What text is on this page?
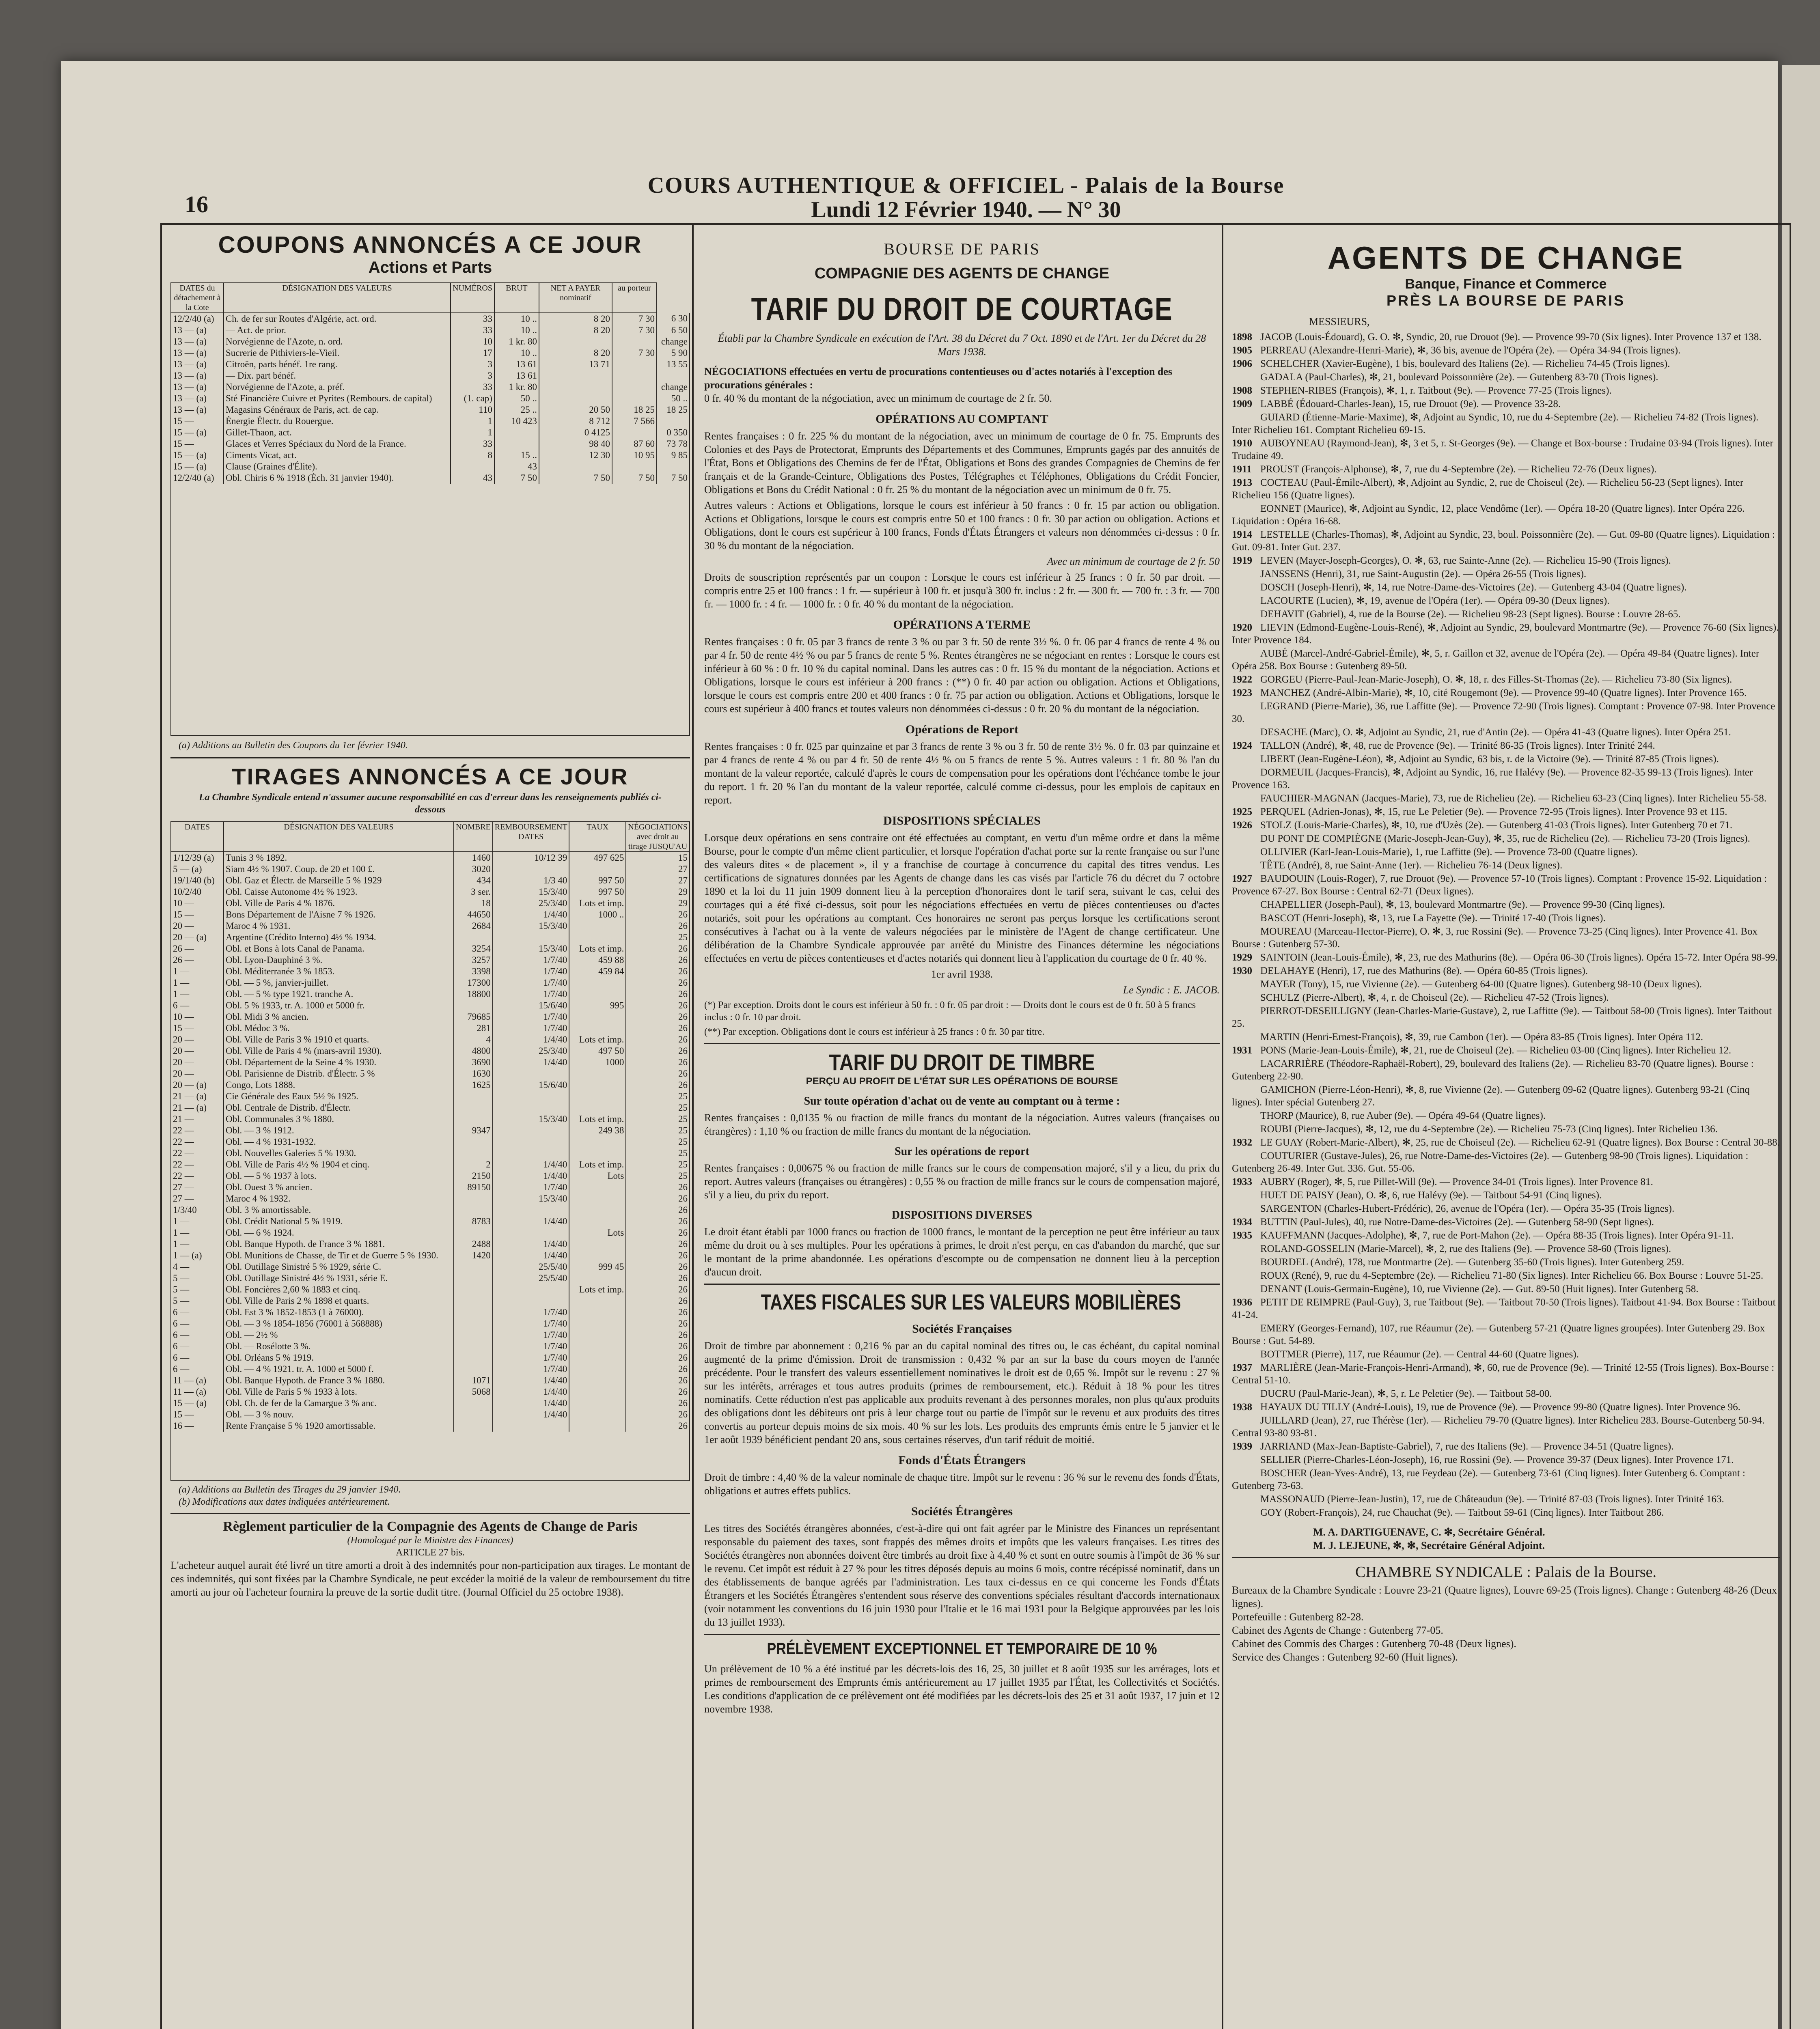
16
COURS AUTHENTIQUE & OFFICIEL - Palais de la Bourse
Lundi 12 Février 1940. — N° 30
COUPONS ANNONCÉS A CE JOUR
Actions et Parts
DATES du détachement à la Cote	DÉSIGNATION DES VALEURS	NUMÉROS	BRUT	NET A PAYER nominatif	au porteur	
12/2/40 (a)	Ch. de fer sur Routes d'Algérie, act. ord.	33	10 ..	8 20	7 30	6 30
13 — (a)	— Act. de prior.	33	10 ..	8 20	7 30	6 50
13 — (a)	Norvégienne de l'Azote, n. ord.	10	1 kr. 80			change
13 — (a)	Sucrerie de Pithiviers-le-Vieil.	17	10 ..	8 20	7 30	5 90
13 — (a)	Citroën, parts bénéf. 1re rang.	3	13 61	13 71		13 55
13 — (a)	— Dix. part bénéf.	3	13 61			
13 — (a)	Norvégienne de l'Azote, a. préf.	33	1 kr. 80			change
13 — (a)	Sté Financière Cuivre et Pyrites (Rembours. de capital)	(1. cap)	50 ..			50 ..
13 — (a)	Magasins Généraux de Paris, act. de cap.	110	25 ..	20 50	18 25	18 25
15 —	Énergie Électr. du Rouergue.	1	10 423	8 712	7 566	
15 — (a)	Gillet-Thaon, act.	1		0 4125		0 350
15 —	Glaces et Verres Spéciaux du Nord de la France.	33		98 40	87 60	73 78
15 — (a)	Ciments Vicat, act.	8	15 ..	12 30	10 95	9 85
15 — (a)	Clause (Graines d'Élite).		43			
12/2/40 (a)	Obl. Chiris 6 % 1918 (Éch. 31 janvier 1940).	43	7 50	7 50	7 50	7 50
(a) Additions au Bulletin des Coupons du 1er février 1940.
TIRAGES ANNONCÉS A CE JOUR
La Chambre Syndicale entend n'assumer aucune responsabilité en cas d'erreur dans les renseignements publiés ci-dessous
DATES	DÉSIGNATION DES VALEURS	NOMBRE	REMBOURSEMENT DATES	TAUX	NÉGOCIATIONS avec droit au tirage JUSQU'AU
1/12/39 (a)	Tunis 3 % 1892.	1460	10/12 39	497 625	15
5 — (a)	Siam 4½ % 1907. Coup. de 20 et 100 £.	3020			27
19/1/40 (b)	Obl. Gaz et Électr. de Marseille 5 % 1929	434	1/3 40	997 50	27
10/2/40	Obl. Caisse Autonome 4½ % 1923.	3 ser.	15/3/40	997 50	29
10 —	Obl. Ville de Paris 4 % 1876.	18	25/3/40	Lots et imp.	29
15 —	Bons Département de l'Aisne 7 % 1926.	44650	1/4/40	1000 ..	26
20 —	Maroc 4 % 1931.	2684	15/3/40		26
20 — (a)	Argentine (Crédito Interno) 4½ % 1934.				25
26 —	Obl. et Bons à lots Canal de Panama.	3254	15/3/40	Lots et imp.	26
26 —	Obl. Lyon-Dauphiné 3 %.	3257	1/7/40	459 88	26
1 —	Obl. Méditerranée 3 % 1853.	3398	1/7/40	459 84	26
1 —	Obl. — 5 %, janvier-juillet.	17300	1/7/40		26
1 —	Obl. — 5 % type 1921. tranche A.	18800	1/7/40		26
6 —	Obl. 5 % 1933, tr. A. 1000 et 5000 fr.		15/6/40	995	26
10 —	Obl. Midi 3 % ancien.	79685	1/7/40		26
15 —	Obl. Médoc 3 %.	281	1/7/40		26
20 —	Obl. Ville de Paris 3 % 1910 et quarts.	4	1/4/40	Lots et imp.	26
20 —	Obl. Ville de Paris 4 % (mars-avril 1930).	4800	25/3/40	497 50	26
20 —	Obl. Département de la Seine 4 % 1930.	3690	1/4/40	1000	26
20 —	Obl. Parisienne de Distrib. d'Électr. 5 %	1630			26
20 — (a)	Congo, Lots 1888.	1625	15/6/40		26
21 — (a)	Cie Générale des Eaux 5½ % 1925.				25
21 — (a)	Obl. Centrale de Distrib. d'Électr.				25
21 —	Obl. Communales 3 % 1880.		15/3/40	Lots et imp.	25
22 —	Obl. — 3 % 1912.	9347		249 38	25
22 —	Obl. — 4 % 1931-1932.				25
22 —	Obl. Nouvelles Galeries 5 % 1930.				25
22 —	Obl. Ville de Paris 4½ % 1904 et cinq.	2	1/4/40	Lots et imp.	25
22 —	Obl. — 5 % 1937 à lots.	2150	1/4/40	Lots	25
27 —	Obl. Ouest 3 % ancien.	89150	1/7/40		26
27 —	Maroc 4 % 1932.		15/3/40		26
1/3/40	Obl. 3 % amortissable.				26
1 —	Obl. Crédit National 5 % 1919.	8783	1/4/40		26
1 —	Obl. — 6 % 1924.			Lots	26
1 —	Obl. Banque Hypoth. de France 3 % 1881.	2488	1/4/40		26
1 — (a)	Obl. Munitions de Chasse, de Tir et de Guerre 5 % 1930.	1420	1/4/40		26
4 —	Obl. Outillage Sinistré 5 % 1929, série C.		25/5/40	999 45	26
5 —	Obl. Outillage Sinistré 4½ % 1931, série E.		25/5/40		26
5 —	Obl. Foncières 2,60 % 1883 et cinq.			Lots et imp.	26
5 —	Obl. Ville de Paris 2 % 1898 et quarts.				26
6 —	Obl. Est 3 % 1852-1853 (1 à 76000).		1/7/40		26
6 —	Obl. — 3 % 1854-1856 (76001 à 568888)		1/7/40		26
6 —	Obl. — 2½ %		1/7/40		26
6 —	Obl. — Rosélotte 3 %.		1/7/40		26
6 —	Obl. Orléans 5 % 1919.		1/7/40		26
6 —	Obl. — 4 % 1921. tr. A. 1000 et 5000 f.		1/7/40		26
11 — (a)	Obl. Banque Hypoth. de France 3 % 1880.	1071	1/4/40		26
11 — (a)	Obl. Ville de Paris 5 % 1933 à lots.	5068	1/4/40		26
15 — (a)	Obl. Ch. de fer de la Camargue 3 % anc.		1/4/40		26
15 —	Obl. — 3 % nouv.		1/4/40		26
16 —	Rente Française 5 % 1920 amortissable.				26
(a) Additions au Bulletin des Tirages du 29 janvier 1940.
(b) Modifications aux dates indiquées antérieurement.
Règlement particulier de la Compagnie des Agents de Change de Paris
(Homologué par le Ministre des Finances)
ARTICLE 27 bis.
L'acheteur auquel aurait été livré un titre amorti a droit à des indemnités pour non-participation aux tirages. Le montant de ces indemnités, qui sont fixées par la Chambre Syndicale, ne peut excéder la moitié de la valeur de remboursement du titre amorti au jour où l'acheteur fournira la preuve de la sortie dudit titre. (Journal Officiel du 25 octobre 1938).
BOURSE DE PARIS
COMPAGNIE DES AGENTS DE CHANGE
TARIF DU DROIT DE COURTAGE
Établi par la Chambre Syndicale en exécution de l'Art. 38 du Décret du 7 Oct. 1890 et de l'Art. 1er du Décret du 28 Mars 1938.
NÉGOCIATIONS effectuées en vertu de procurations contentieuses ou d'actes notariés à l'exception des procurations générales :
0 fr. 40 % du montant de la négociation, avec un minimum de courtage de 2 fr. 50.
OPÉRATIONS AU COMPTANT

Rentes françaises : 0 fr. 225 % du montant de la négociation, avec un minimum de courtage de 0 fr. 75. Emprunts des Colonies et des Pays de Protectorat, Emprunts des Départements et des Communes, Emprunts gagés par des annuités de l'État, Bons et Obligations des Chemins de fer de l'État, Obligations et Bons des grandes Compagnies de Chemins de fer français et de la Grande-Ceinture, Obligations des Postes, Télégraphes et Téléphones, Obligations du Crédit Foncier, Obligations et Bons du Crédit National : 0 fr. 25 % du montant de la négociation avec un minimum de 0 fr. 75.

Autres valeurs : Actions et Obligations, lorsque le cours est inférieur à 50 francs : 0 fr. 15 par action ou obligation. Actions et Obligations, lorsque le cours est compris entre 50 et 100 francs : 0 fr. 30 par action ou obligation. Actions et Obligations, dont le cours est supérieur à 100 francs, Fonds d'États Étrangers et valeurs non dénommées ci-dessus : 0 fr. 30 % du montant de la négociation.

Avec un minimum de courtage de 2 fr. 50

Droits de souscription représentés par un coupon : Lorsque le cours est inférieur à 25 francs : 0 fr. 50 par droit. — compris entre 25 et 100 francs : 1 fr. — supérieur à 100 fr. et jusqu'à 300 fr. inclus : 2 fr. — 300 fr. — 700 fr. : 3 fr. — 700 fr. — 1000 fr. : 4 fr. — 1000 fr. : 0 fr. 40 % du montant de la négociation.

OPÉRATIONS A TERME

Rentes françaises : 0 fr. 05 par 3 francs de rente 3 % ou par 3 fr. 50 de rente 3½ %. 0 fr. 06 par 4 francs de rente 4 % ou par 4 fr. 50 de rente 4½ % ou par 5 francs de rente 5 %. Rentes étrangères ne se négociant en rentes : Lorsque le cours est inférieur à 60 % : 0 fr. 10 % du capital nominal. Dans les autres cas : 0 fr. 15 % du montant de la négociation. Actions et Obligations, lorsque le cours est inférieur à 200 francs : (**) 0 fr. 40 par action ou obligation. Actions et Obligations, lorsque le cours est compris entre 200 et 400 francs : 0 fr. 75 par action ou obligation. Actions et Obligations, lorsque le cours est supérieur à 400 francs et toutes valeurs non dénommées ci-dessus : 0 fr. 20 % du montant de la négociation.

Opérations de Report

Rentes françaises : 0 fr. 025 par quinzaine et par 3 francs de rente 3 % ou 3 fr. 50 de rente 3½ %. 0 fr. 03 par quinzaine et par 4 francs de rente 4 % ou par 4 fr. 50 de rente 4½ % ou 5 francs de rente 5 %. Autres valeurs : 1 fr. 80 % l'an du montant de la valeur reportée, calculé d'après le cours de compensation pour les opérations dont l'échéance tombe le jour du report. 1 fr. 20 % l'an du montant de la valeur reportée, calculé comme ci-dessus, pour les emplois de capitaux en report.

DISPOSITIONS SPÉCIALES

Lorsque deux opérations en sens contraire ont été effectuées au comptant, en vertu d'un même ordre et dans la même Bourse, pour le compte d'un même client particulier, et lorsque l'opération d'achat porte sur la rente française ou sur l'une des valeurs dites « de placement », il y a franchise de courtage à concurrence du capital des titres vendus. Les certifications de signatures données par les Agents de change dans les cas visés par l'article 76 du décret du 7 octobre 1890 et la loi du 11 juin 1909 donnent lieu à la perception d'honoraires dont le tarif sera, suivant le cas, celui des courtages qui a été fixé ci-dessus, soit pour les négociations effectuées en vertu de pièces contentieuses ou d'actes notariés, soit pour les opérations au comptant. Ces honoraires ne seront pas perçus lorsque les certifications seront consécutives à l'achat ou à la vente de valeurs négociées par le ministère de l'Agent de change certificateur. Une délibération de la Chambre Syndicale approuvée par arrêté du Ministre des Finances détermine les négociations effectuées en vertu de pièces contentieuses et d'actes notariés qui donnent lieu à l'application du courtage de 0 fr. 40 %.

1er avril 1938.

Le Syndic : E. JACOB.

(*) Par exception. Droits dont le cours est inférieur à 50 fr. : 0 fr. 05 par droit : — Droits dont le cours est de 0 fr. 50 à 5 francs inclus : 0 fr. 10 par droit.

(**) Par exception. Obligations dont le cours est inférieur à 25 francs : 0 fr. 30 par titre.

TARIF DU DROIT DE TIMBRE
PERÇU AU PROFIT DE L'ÉTAT SUR LES OPÉRATIONS DE BOURSE
Sur toute opération d'achat ou de vente au comptant ou à terme :

Rentes françaises : 0,0135 % ou fraction de mille francs du montant de la négociation. Autres valeurs (françaises ou étrangères) : 1,10 % ou fraction de mille francs du montant de la négociation.

Sur les opérations de report

Rentes françaises : 0,00675 % ou fraction de mille francs sur le cours de compensation majoré, s'il y a lieu, du prix du report. Autres valeurs (françaises ou étrangères) : 0,55 % ou fraction de mille francs sur le cours de compensation majoré, s'il y a lieu, du prix du report.

DISPOSITIONS DIVERSES

Le droit étant établi par 1000 francs ou fraction de 1000 francs, le montant de la perception ne peut être inférieur au taux même du droit ou à ses multiples. Pour les opérations à primes, le droit n'est perçu, en cas d'abandon du marché, que sur le montant de la prime abandonnée. Les opérations d'escompte ou de compensation ne donnent lieu à la perception d'aucun droit.

TAXES FISCALES SUR LES VALEURS MOBILIÈRES
Sociétés Françaises

Droit de timbre par abonnement : 0,216 % par an du capital nominal des titres ou, le cas échéant, du capital nominal augmenté de la prime d'émission. Droit de transmission : 0,432 % par an sur la base du cours moyen de l'année précédente. Pour le transfert des valeurs essentiellement nominatives le droit est de 0,65 %. Impôt sur le revenu : 27 % sur les intérêts, arrérages et tous autres produits (primes de remboursement, etc.). Réduit à 18 % pour les titres nominatifs. Cette réduction n'est pas applicable aux produits revenant à des personnes morales, non plus qu'aux produits des obligations dont les débiteurs ont pris à leur charge tout ou partie de l'impôt sur le revenu et aux produits des titres convertis au porteur depuis moins de six mois. 40 % sur les lots. Les produits des emprunts émis entre le 5 janvier et le 1er août 1939 bénéficient pendant 20 ans, sous certaines réserves, d'un tarif réduit de moitié.

Fonds d'États Étrangers

Droit de timbre : 4,40 % de la valeur nominale de chaque titre. Impôt sur le revenu : 36 % sur le revenu des fonds d'États, obligations et autres effets publics.

Sociétés Étrangères

Les titres des Sociétés étrangères abonnées, c'est-à-dire qui ont fait agréer par le Ministre des Finances un représentant responsable du paiement des taxes, sont frappés des mêmes droits et impôts que les valeurs françaises. Les titres des Sociétés étrangères non abonnées doivent être timbrés au droit fixe à 4,40 % et sont en outre soumis à l'impôt de 36 % sur le revenu. Cet impôt est réduit à 27 % pour les titres déposés depuis au moins 6 mois, contre récépissé nominatif, dans un des établissements de banque agréés par l'administration. Les taux ci-dessus en ce qui concerne les Fonds d'États Étrangers et les Sociétés Étrangères s'entendent sous réserve des conventions spéciales résultant d'accords internationaux (voir notamment les conventions du 16 juin 1930 pour l'Italie et le 16 mai 1931 pour la Belgique approuvées par les lois du 13 juillet 1933).

PRÉLÈVEMENT EXCEPTIONNEL ET TEMPORAIRE DE 10 %

Un prélèvement de 10 % a été institué par les décrets-lois des 16, 25, 30 juillet et 8 août 1935 sur les arrérages, lots et primes de remboursement des Emprunts émis antérieurement au 17 juillet 1935 par l'État, les Collectivités et Sociétés. Les conditions d'application de ce prélèvement ont été modifiées par les décrets-lois des 25 et 31 août 1937, 17 juin et 12 novembre 1938.

AGENTS DE CHANGE
Banque, Finance et Commerce
PRÈS LA BOURSE DE PARIS
MESSIEURS,
1898 JACOB (Louis-Édouard), G. O. ✻, Syndic, 20, rue Drouot (9e). — Provence 99-70 (Six lignes). Inter Provence 137 et 138.
1905 PERREAU (Alexandre-Henri-Marie), ✻, 36 bis, avenue de l'Opéra (2e). — Opéra 34-94 (Trois lignes).
1906 SCHELCHER (Xavier-Eugène), 1 bis, boulevard des Italiens (2e). — Richelieu 74-45 (Trois lignes).
GADALA (Paul-Charles), ✻, 21, boulevard Poissonnière (2e). — Gutenberg 83-70 (Trois lignes).
1908 STEPHEN-RIBES (François), ✻, 1, r. Taitbout (9e). — Provence 77-25 (Trois lignes).
1909 LABBÉ (Édouard-Charles-Jean), 15, rue Drouot (9e). — Provence 33-28.
GUIARD (Étienne-Marie-Maxime), ✻, Adjoint au Syndic, 10, rue du 4-Septembre (2e). — Richelieu 74-82 (Trois lignes). Inter Richelieu 161. Comptant Richelieu 69-15.
1910 AUBOYNEAU (Raymond-Jean), ✻, 3 et 5, r. St-Georges (9e). — Change et Box-bourse : Trudaine 03-94 (Trois lignes). Inter Trudaine 49.
1911 PROUST (François-Alphonse), ✻, 7, rue du 4-Septembre (2e). — Richelieu 72-76 (Deux lignes).
1913 COCTEAU (Paul-Émile-Albert), ✻, Adjoint au Syndic, 2, rue de Choiseul (2e). — Richelieu 56-23 (Sept lignes). Inter Richelieu 156 (Quatre lignes).
EONNET (Maurice), ✻, Adjoint au Syndic, 12, place Vendôme (1er). — Opéra 18-20 (Quatre lignes). Inter Opéra 226. Liquidation : Opéra 16-68.
1914 LESTELLE (Charles-Thomas), ✻, Adjoint au Syndic, 23, boul. Poissonnière (2e). — Gut. 09-80 (Quatre lignes). Liquidation : Gut. 09-81. Inter Gut. 237.
1919 LEVEN (Mayer-Joseph-Georges), O. ✻, 63, rue Sainte-Anne (2e). — Richelieu 15-90 (Trois lignes).
JANSSENS (Henri), 31, rue Saint-Augustin (2e). — Opéra 26-55 (Trois lignes).
DOSCH (Joseph-Henri), ✻, 14, rue Notre-Dame-des-Victoires (2e). — Gutenberg 43-04 (Quatre lignes).
LACOURTE (Lucien), ✻, 19, avenue de l'Opéra (1er). — Opéra 09-30 (Deux lignes).
DEHAVIT (Gabriel), 4, rue de la Bourse (2e). — Richelieu 98-23 (Sept lignes). Bourse : Louvre 28-65.
1920 LIEVIN (Edmond-Eugène-Louis-René), ✻, Adjoint au Syndic, 29, boulevard Montmartre (9e). — Provence 76-60 (Six lignes). Inter Provence 184.
AUBÉ (Marcel-André-Gabriel-Émile), ✻, 5, r. Gaillon et 32, avenue de l'Opéra (2e). — Opéra 49-84 (Quatre lignes). Inter Opéra 258. Box Bourse : Gutenberg 89-50.
1922 GORGEU (Pierre-Paul-Jean-Marie-Joseph), O. ✻, 18, r. des Filles-St-Thomas (2e). — Richelieu 73-80 (Six lignes).
1923 MANCHEZ (André-Albin-Marie), ✻, 10, cité Rougemont (9e). — Provence 99-40 (Quatre lignes). Inter Provence 165.
LEGRAND (Pierre-Marie), 36, rue Laffitte (9e). — Provence 72-90 (Trois lignes). Comptant : Provence 07-98. Inter Provence 30.
DESACHE (Marc), O. ✻, Adjoint au Syndic, 21, rue d'Antin (2e). — Opéra 41-43 (Quatre lignes). Inter Opéra 251.
1924 TALLON (André), ✻, 48, rue de Provence (9e). — Trinité 86-35 (Trois lignes). Inter Trinité 244.
LIBERT (Jean-Eugène-Léon), ✻, Adjoint au Syndic, 63 bis, r. de la Victoire (9e). — Trinité 87-85 (Trois lignes).
DORMEUIL (Jacques-Francis), ✻, Adjoint au Syndic, 16, rue Halévy (9e). — Provence 82-35 99-13 (Trois lignes). Inter Provence 163.
FAUCHIER-MAGNAN (Jacques-Marie), 73, rue de Richelieu (2e). — Richelieu 63-23 (Cinq lignes). Inter Richelieu 55-58.
1925 PERQUEL (Adrien-Jonas), ✻, 15, rue Le Peletier (9e). — Provence 72-95 (Trois lignes). Inter Provence 93 et 115.
1926 STOLZ (Louis-Marie-Charles), ✻, 10, rue d'Uzès (2e). — Gutenberg 41-03 (Trois lignes). Inter Gutenberg 70 et 71.
DU PONT DE COMPIÈGNE (Marie-Joseph-Jean-Guy), ✻, 35, rue de Richelieu (2e). — Richelieu 73-20 (Trois lignes).
OLLIVIER (Karl-Jean-Louis-Marie), 1, rue Laffitte (9e). — Provence 73-00 (Quatre lignes).
TÊTE (André), 8, rue Saint-Anne (1er). — Richelieu 76-14 (Deux lignes).
1927 BAUDOUIN (Louis-Roger), 7, rue Drouot (9e). — Provence 57-10 (Trois lignes). Comptant : Provence 15-92. Liquidation : Provence 67-27. Box Bourse : Central 62-71 (Deux lignes).
CHAPELLIER (Joseph-Paul), ✻, 13, boulevard Montmartre (9e). — Provence 99-30 (Cinq lignes).
BASCOT (Henri-Joseph), ✻, 13, rue La Fayette (9e). — Trinité 17-40 (Trois lignes).
MOUREAU (Marceau-Hector-Pierre), O. ✻, 3, rue Rossini (9e). — Provence 73-25 (Cinq lignes). Inter Provence 41. Box Bourse : Gutenberg 57-30.
1929 SAINTOIN (Jean-Louis-Émile), ✻, 23, rue des Mathurins (8e). — Opéra 06-30 (Trois lignes). Opéra 15-72. Inter Opéra 98-99.
1930 DELAHAYE (Henri), 17, rue des Mathurins (8e). — Opéra 60-85 (Trois lignes).
MAYER (Tony), 15, rue Vivienne (2e). — Gutenberg 64-00 (Quatre lignes). Gutenberg 98-10 (Deux lignes).
SCHULZ (Pierre-Albert), ✻, 4, r. de Choiseul (2e). — Richelieu 47-52 (Trois lignes).
PIERROT-DESEILLIGNY (Jean-Charles-Marie-Gustave), 2, rue Laffitte (9e). — Taitbout 58-00 (Trois lignes). Inter Taitbout 25.
MARTIN (Henri-Ernest-François), ✻, 39, rue Cambon (1er). — Opéra 83-85 (Trois lignes). Inter Opéra 112.
1931 PONS (Marie-Jean-Louis-Émile), ✻, 21, rue de Choiseul (2e). — Richelieu 03-00 (Cinq lignes). Inter Richelieu 12.
LACARRIÈRE (Théodore-Raphaël-Robert), 29, boulevard des Italiens (2e). — Richelieu 83-70 (Quatre lignes). Bourse : Gutenberg 22-90.
GAMICHON (Pierre-Léon-Henri), ✻, 8, rue Vivienne (2e). — Gutenberg 09-62 (Quatre lignes). Gutenberg 93-21 (Cinq lignes). Inter spécial Gutenberg 27.
THORP (Maurice), 8, rue Auber (9e). — Opéra 49-64 (Quatre lignes).
ROUBI (Pierre-Jacques), ✻, 12, rue du 4-Septembre (2e). — Richelieu 75-73 (Cinq lignes). Inter Richelieu 136.
1932 LE GUAY (Robert-Marie-Albert), ✻, 25, rue de Choiseul (2e). — Richelieu 62-91 (Quatre lignes). Box Bourse : Central 30-88.
COUTURIER (Gustave-Jules), 26, rue Notre-Dame-des-Victoires (2e). — Gutenberg 98-90 (Trois lignes). Liquidation : Gutenberg 26-49. Inter Gut. 336. Gut. 55-06.
1933 AUBRY (Roger), ✻, 5, rue Pillet-Will (9e). — Provence 34-01 (Trois lignes). Inter Provence 81.
HUET DE PAISY (Jean), O. ✻, 6, rue Halévy (9e). — Taitbout 54-91 (Cinq lignes).
SARGENTON (Charles-Hubert-Frédéric), 26, avenue de l'Opéra (1er). — Opéra 35-35 (Trois lignes).
1934 BUTTIN (Paul-Jules), 40, rue Notre-Dame-des-Victoires (2e). — Gutenberg 58-90 (Sept lignes).
1935 KAUFFMANN (Jacques-Adolphe), ✻, 7, rue de Port-Mahon (2e). — Opéra 88-35 (Trois lignes). Inter Opéra 91-11.
ROLAND-GOSSELIN (Marie-Marcel), ✻, 2, rue des Italiens (9e). — Provence 58-60 (Trois lignes).
BOURDEL (André), 178, rue Montmartre (2e). — Gutenberg 35-60 (Trois lignes). Inter Gutenberg 259.
ROUX (René), 9, rue du 4-Septembre (2e). — Richelieu 71-80 (Six lignes). Inter Richelieu 66. Box Bourse : Louvre 51-25.
DENANT (Louis-Germain-Eugène), 10, rue Vivienne (2e). — Gut. 89-50 (Huit lignes). Inter Gutenberg 58.
1936 PETIT DE REIMPRE (Paul-Guy), 3, rue Taitbout (9e). — Taitbout 70-50 (Trois lignes). Taitbout 41-94. Box Bourse : Taitbout 41-24.
EMERY (Georges-Fernand), 107, rue Réaumur (2e). — Gutenberg 57-21 (Quatre lignes groupées). Inter Gutenberg 29. Box Bourse : Gut. 54-89.
BOTTMER (Pierre), 117, rue Réaumur (2e). — Central 44-60 (Quatre lignes).
1937 MARLIÈRE (Jean-Marie-François-Henri-Armand), ✻, 60, rue de Provence (9e). — Trinité 12-55 (Trois lignes). Box-Bourse : Central 51-10.
DUCRU (Paul-Marie-Jean), ✻, 5, r. Le Peletier (9e). — Taitbout 58-00.
1938 HAYAUX DU TILLY (André-Louis), 19, rue de Provence (9e). — Provence 99-80 (Quatre lignes). Inter Provence 96.
JUILLARD (Jean), 27, rue Thérèse (1er). — Richelieu 79-70 (Quatre lignes). Inter Richelieu 283. Bourse-Gutenberg 50-94. Central 93-80 93-81.
1939 JARRIAND (Max-Jean-Baptiste-Gabriel), 7, rue des Italiens (9e). — Provence 34-51 (Quatre lignes).
SELLIER (Pierre-Charles-Léon-Joseph), 16, rue Rossini (9e). — Provence 39-37 (Deux lignes). Inter Provence 171.
BOSCHER (Jean-Yves-André), 13, rue Feydeau (2e). — Gutenberg 73-61 (Cinq lignes). Inter Gutenberg 6. Comptant : Gutenberg 73-63.
MASSONAUD (Pierre-Jean-Justin), 17, rue de Châteaudun (9e). — Trinité 87-03 (Trois lignes). Inter Trinité 163.
GOY (Robert-François), 24, rue Chauchat (9e). — Taitbout 59-61 (Cinq lignes). Inter Taitbout 286.
M. A. DARTIGUENAVE, C. ✻, Secrétaire Général.
M. J. LEJEUNE, ✻, ✻, Secrétaire Général Adjoint.
CHAMBRE SYNDICALE : Palais de la Bourse.
Bureaux de la Chambre Syndicale : Louvre 23-21 (Quatre lignes), Louvre 69-25 (Trois lignes). Change : Gutenberg 48-26 (Deux lignes).
Portefeuille : Gutenberg 82-28.
Cabinet des Agents de Change : Gutenberg 77-05.
Cabinet des Commis des Charges : Gutenberg 70-48 (Deux lignes).
Service des Changes : Gutenberg 92-60 (Huit lignes).
